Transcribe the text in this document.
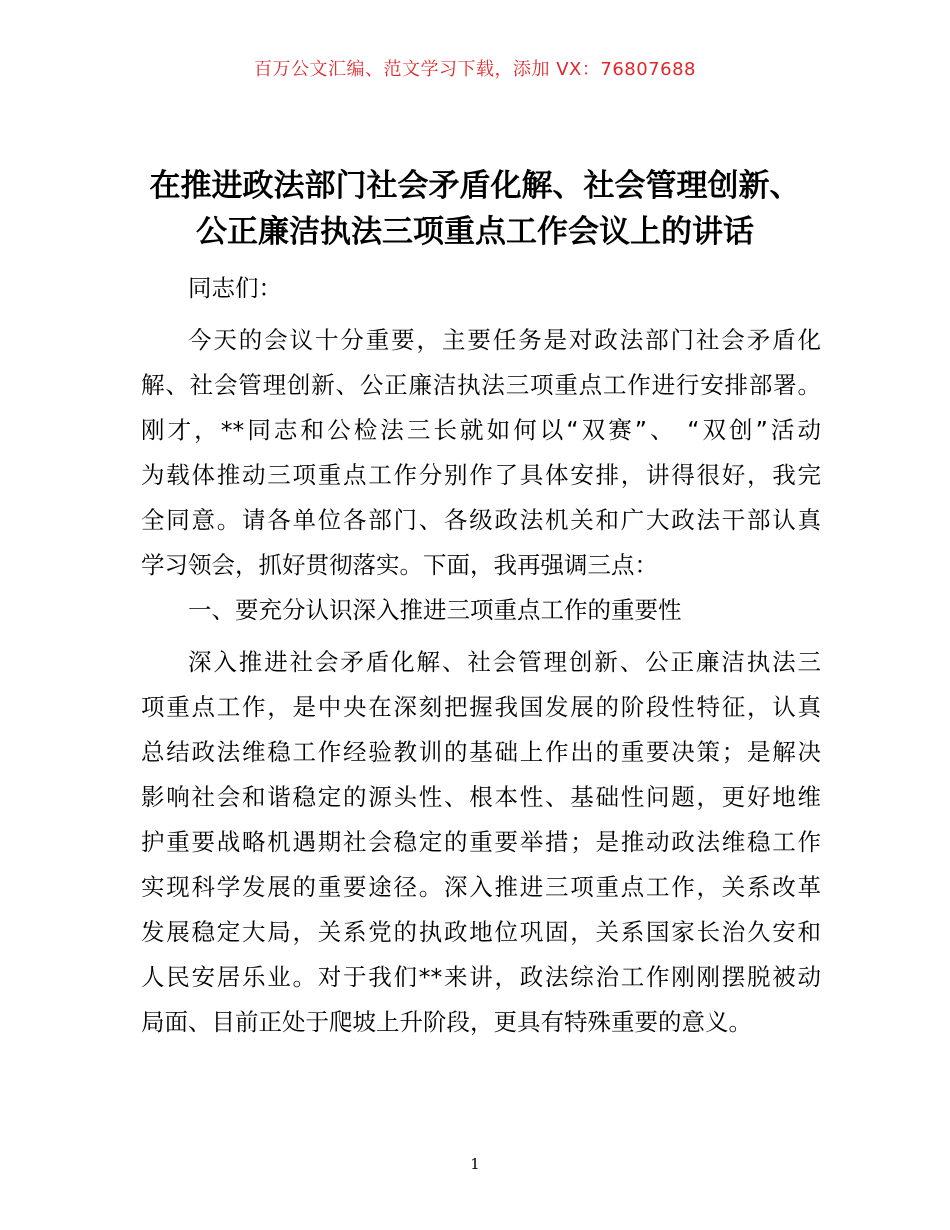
百万公文汇编、范文学习下载，添加 VX：76807688
在推进政法部门社会矛盾化解、社会管理创新、
公正廉洁执法三项重点工作会议上的讲话
同志们：
今天的会议十分重要，主要任务是对政法部门社会矛盾化
解、社会管理创新、公正廉洁执法三项重点工作进行安排部署。
刚才，**同志和公检法三长就如何以“双赛”、 “双创”活动
为载体推动三项重点工作分别作了具体安排，讲得很好，我完
全同意。请各单位各部门、各级政法机关和广大政法干部认真
学习领会，抓好贯彻落实。下面，我再强调三点：
一、要充分认识深入推进三项重点工作的重要性
深入推进社会矛盾化解、社会管理创新、公正廉洁执法三
项重点工作，是中央在深刻把握我国发展的阶段性特征，认真
总结政法维稳工作经验教训的基础上作出的重要决策；是解决
影响社会和谐稳定的源头性、根本性、基础性问题，更好地维
护重要战略机遇期社会稳定的重要举措；是推动政法维稳工作
实现科学发展的重要途径。深入推进三项重点工作，关系改革
发展稳定大局，关系党的执政地位巩固，关系国家长治久安和
人民安居乐业。对于我们**来讲，政法综治工作刚刚摆脱被动
局面、目前正处于爬坡上升阶段，更具有特殊重要的意义。
1
